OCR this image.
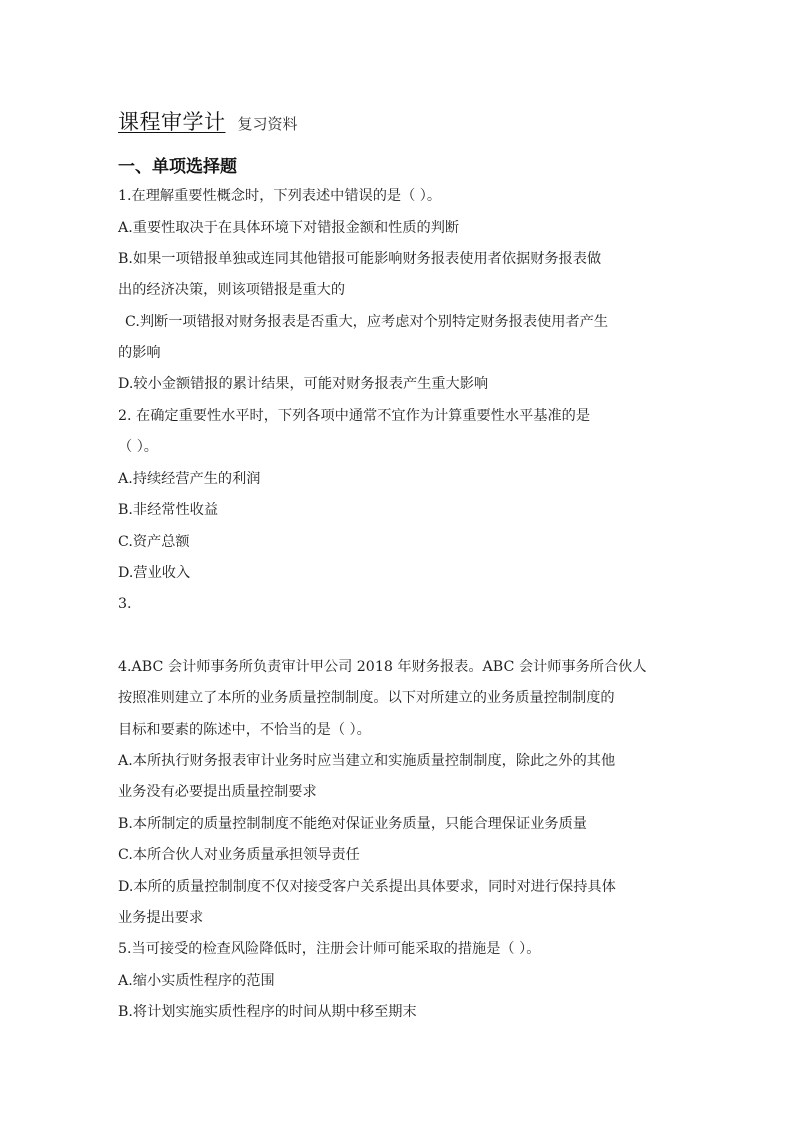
课程审学计 复习资料
一、单项选择题
1.在理解重要性概念时，下列表述中错误的是（ ）。
A.重要性取决于在具体环境下对错报金额和性质的判断
B.如果一项错报单独或连同其他错报可能影响财务报表使用者依据财务报表做
出的经济决策，则该项错报是重大的
C.判断一项错报对财务报表是否重大，应考虑对个别特定财务报表使用者产生
的影响
D.较小金额错报的累计结果，可能对财务报表产生重大影响
2. 在确定重要性水平时，下列各项中通常不宜作为计算重要性水平基准的是
（ ）。
A.持续经营产生的利润
B.非经常性收益
C.资产总额
D.营业收入
3.
4.ABC 会计师事务所负责审计甲公司 2018 年财务报表。ABC 会计师事务所合伙人
按照准则建立了本所的业务质量控制制度。以下对所建立的业务质量控制制度的
目标和要素的陈述中，不恰当的是（ ）。
A.本所执行财务报表审计业务时应当建立和实施质量控制制度，除此之外的其他
业务没有必要提出质量控制要求
B.本所制定的质量控制制度不能绝对保证业务质量，只能合理保证业务质量
C.本所合伙人对业务质量承担领导责任
D.本所的质量控制制度不仅对接受客户关系提出具体要求，同时对进行保持具体
业务提出要求
5.当可接受的检查风险降低时，注册会计师可能采取的措施是（ ）。
A.缩小实质性程序的范围
B.将计划实施实质性程序的时间从期中移至期末
